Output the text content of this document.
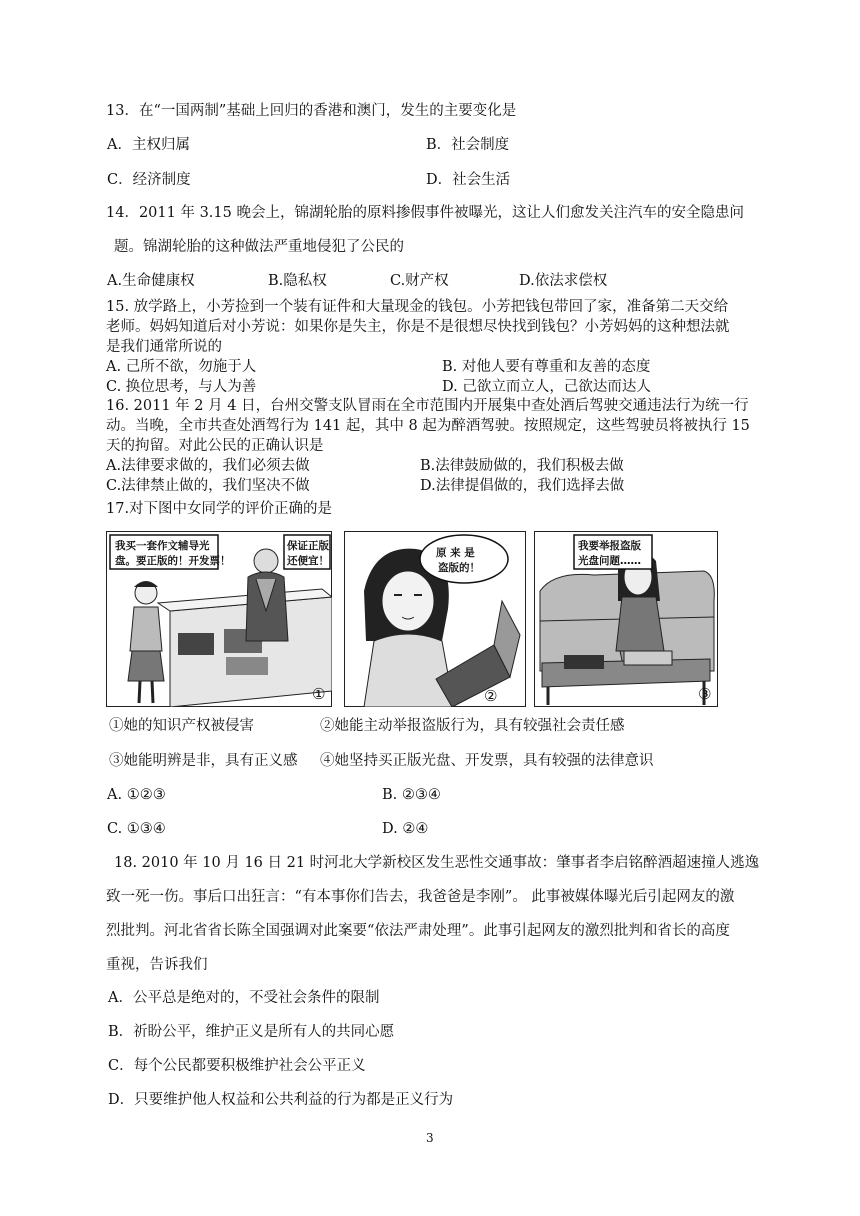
13．在“一国两制”基础上回归的香港和澳门，发生的主要变化是
A．主权归属	B．社会制度
C．经济制度	D．社会生活
14．2011 年 3.15 晚会上，锦湖轮胎的原料掺假事件被曝光，这让人们愈发关注汽车的安全隐患问
题。锦湖轮胎的这种做法严重地侵犯了公民的
A.生命健康权	B.隐私权	C.财产权	D.依法求偿权
15. 放学路上，小芳捡到一个装有证件和大量现金的钱包。小芳把钱包带回了家，准备第二天交给
老师。妈妈知道后对小芳说：如果你是失主，你是不是很想尽快找到钱包？小芳妈妈的这种想法就
是我们通常所说的
A. 己所不欲，勿施于人	B. 对他人要有尊重和友善的态度
C. 换位思考，与人为善	D. 己欲立而立人，己欲达而达人
16. 2011 年 2 月 4 日，台州交警支队冒雨在全市范围内开展集中查处酒后驾驶交通违法行为统一行
动。当晚，全市共查处酒驾行为 141 起，其中 8 起为醉酒驾驶。按照规定，这些驾驶员将被执行 15
天的拘留。对此公民的正确认识是
A.法律要求做的，我们必须去做	B.法律鼓励做的，我们积极去做
C.法律禁止做的，我们坚决不做	D.法律提倡做的，我们选择去做
17.对下图中女同学的评价正确的是
我买一套作文辅导光
盘。要正版的！开发票！
保证正版
还便宜！
①
原 来 是
盗版的！
②
我要举报盗版
光盘问题……
③
①她的知识产权被侵害	②她能主动举报盗版行为，具有较强社会责任感
③她能明辨是非，具有正义感 ④她坚持买正版光盘、开发票，具有较强的法律意识
A. ①②③	B. ②③④
C. ①③④	D. ②④
18. 2010 年 10 月 16 日 21 时河北大学新校区发生恶性交通事故：肇事者李启铭醉酒超速撞人逃逸
致一死一伤。事后口出狂言：“有本事你们告去，我爸爸是李刚”。 此事被媒体曝光后引起网友的激
烈批判。河北省省长陈全国强调对此案要“依法严肃处理”。此事引起网友的激烈批判和省长的高度
重视，告诉我们
A．公平总是绝对的，不受社会条件的限制
B．祈盼公平，维护正义是所有人的共同心愿
C．每个公民都要积极维护社会公平正义
D．只要维护他人权益和公共利益的行为都是正义行为
3
